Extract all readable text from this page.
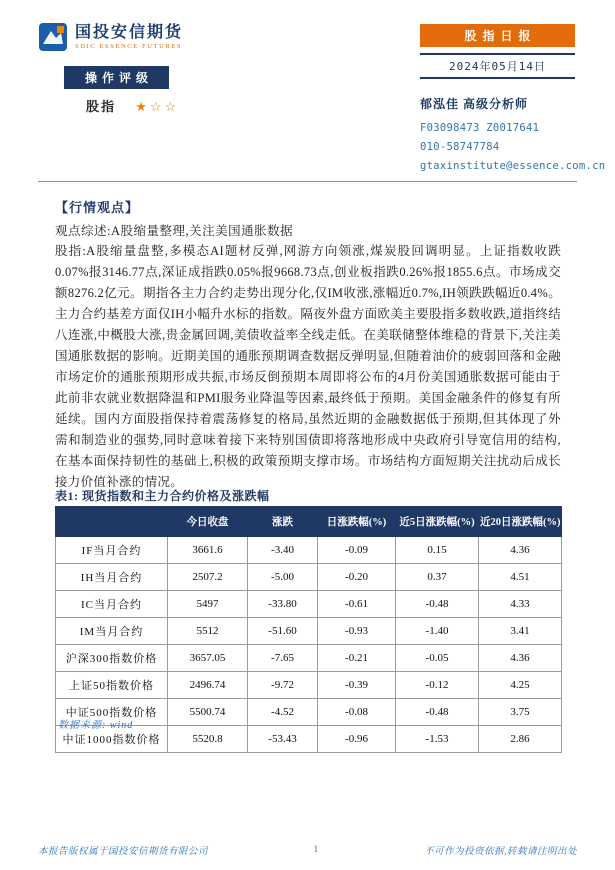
国投安信期货
SDIC ESSENCE FUTURES
股指日报
2024年05月14日
操作评级
股指 ★☆☆	郁泓佳 高级分析师
F03098473 Z0017641
010-58747784
gtaxinstitute@essence.com.cn
【行情观点】
观点综述:A股缩量整理,关注美国通胀数据
股指:A股缩量盘整,多模态AI题材反弹,网游方向领涨,煤炭股回调明显。上证指数收跌0.07%报3146.77点,深证成指跌0.05%报9668.73点,创业板指跌0.26%报1855.6点。市场成交额8276.2亿元。期指各主力合约走势出现分化,仅IM收涨,涨幅近0.7%,IH领跌跌幅近0.4%。主力合约基差方面仅IH小幅升水标的指数。隔夜外盘方面欧美主要股指多数收跌,道指终结八连涨,中概股大涨,贵金属回调,美债收益率全线走低。在美联储整体维稳的背景下,关注美国通胀数据的影响。近期美国的通胀预期调查数据反弹明显,但随着油价的疲弱回落和金融市场定价的通胀预期形成共振,市场反倒预期本周即将公布的4月份美国通胀数据可能由于此前非农就业数据降温和PMI服务业降温等因素,最终低于预期。美国金融条件的修复有所延续。国内方面股指保持着震荡修复的格局,虽然近期的金融数据低于预期,但其体现了外需和制造业的强势,同时意味着接下来特别国债即将落地形成中央政府引导宽信用的结构,在基本面保持韧性的基础上,积极的政策预期支撑市场。市场结构方面短期关注扰动后成长接力价值补涨的情况。
表1: 现货指数和主力合约价格及涨跌幅
	今日收盘	涨跌	日涨跌幅(%)	近5日涨跌幅(%)	近20日涨跌幅(%)
IF当月合约	3661.6	-3.40	-0.09	0.15	4.36
IH当月合约	2507.2	-5.00	-0.20	0.37	4.51
IC当月合约	5497	-33.80	-0.61	-0.48	4.33
IM当月合约	5512	-51.60	-0.93	-1.40	3.41
沪深300指数价格	3657.05	-7.65	-0.21	-0.05	4.36
上证50指数价格	2496.74	-9.72	-0.39	-0.12	4.25
中证500指数价格	5500.74	-4.52	-0.08	-0.48	3.75
中证1000指数价格	5520.8	-53.43	-0.96	-1.53	2.86
数据来源: wind
本报告版权属于国投安信期货有限公司	1	不可作为投资依据,转载请注明出处
